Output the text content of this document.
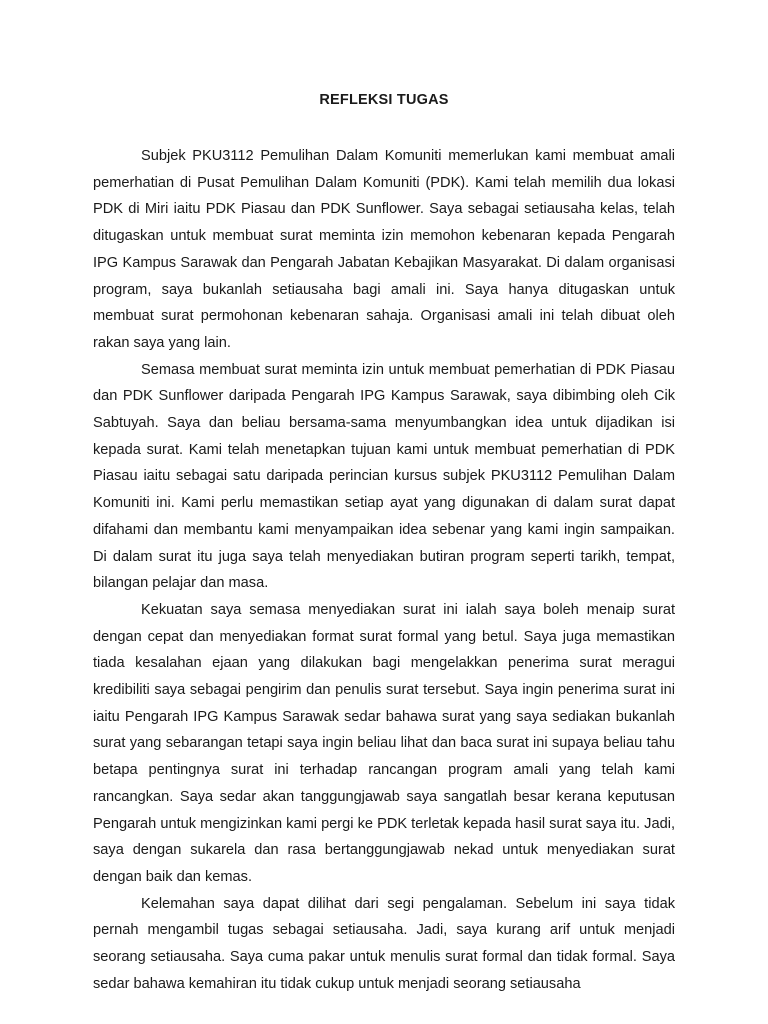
REFLEKSI TUGAS

Subjek PKU3112 Pemulihan Dalam Komuniti memerlukan kami membuat amali pemerhatian di Pusat Pemulihan Dalam Komuniti (PDK). Kami telah memilih dua lokasi PDK di Miri iaitu PDK Piasau dan PDK Sunflower. Saya sebagai setiausaha kelas, telah ditugaskan untuk membuat surat meminta izin memohon kebenaran kepada Pengarah IPG Kampus Sarawak dan Pengarah Jabatan Kebajikan Masyarakat. Di dalam organisasi program, saya bukanlah setiausaha bagi amali ini. Saya hanya ditugaskan untuk membuat surat permohonan kebenaran sahaja. Organisasi amali ini telah dibuat oleh rakan saya yang lain.

Semasa membuat surat meminta izin untuk membuat pemerhatian di PDK Piasau dan PDK Sunflower daripada Pengarah IPG Kampus Sarawak, saya dibimbing oleh Cik Sabtuyah. Saya dan beliau bersama-sama menyumbangkan idea untuk dijadikan isi kepada surat. Kami telah menetapkan tujuan kami untuk membuat pemerhatian di PDK Piasau iaitu sebagai satu daripada perincian kursus subjek PKU3112 Pemulihan Dalam Komuniti ini. Kami perlu memastikan setiap ayat yang digunakan di dalam surat dapat difahami dan membantu kami menyampaikan idea sebenar yang kami ingin sampaikan. Di dalam surat itu juga saya telah menyediakan butiran program seperti tarikh, tempat, bilangan pelajar dan masa.

Kekuatan saya semasa menyediakan surat ini ialah saya boleh menaip surat dengan cepat dan menyediakan format surat formal yang betul. Saya juga memastikan tiada kesalahan ejaan yang dilakukan bagi mengelakkan penerima surat meragui kredibiliti saya sebagai pengirim dan penulis surat tersebut. Saya ingin penerima surat ini iaitu Pengarah IPG Kampus Sarawak sedar bahawa surat yang saya sediakan bukanlah surat yang sebarangan tetapi saya ingin beliau lihat dan baca surat ini supaya beliau tahu betapa pentingnya surat ini terhadap rancangan program amali yang telah kami rancangkan. Saya sedar akan tanggungjawab saya sangatlah besar kerana keputusan Pengarah untuk mengizinkan kami pergi ke PDK terletak kepada hasil surat saya itu. Jadi, saya dengan sukarela dan rasa bertanggungjawab nekad untuk menyediakan surat dengan baik dan kemas.

Kelemahan saya dapat dilihat dari segi pengalaman. Sebelum ini saya tidak pernah mengambil tugas sebagai setiausaha. Jadi, saya kurang arif untuk menjadi seorang setiausaha. Saya cuma pakar untuk menulis surat formal dan tidak formal. Saya sedar bahawa kemahiran itu tidak cukup untuk menjadi seorang setiausaha
